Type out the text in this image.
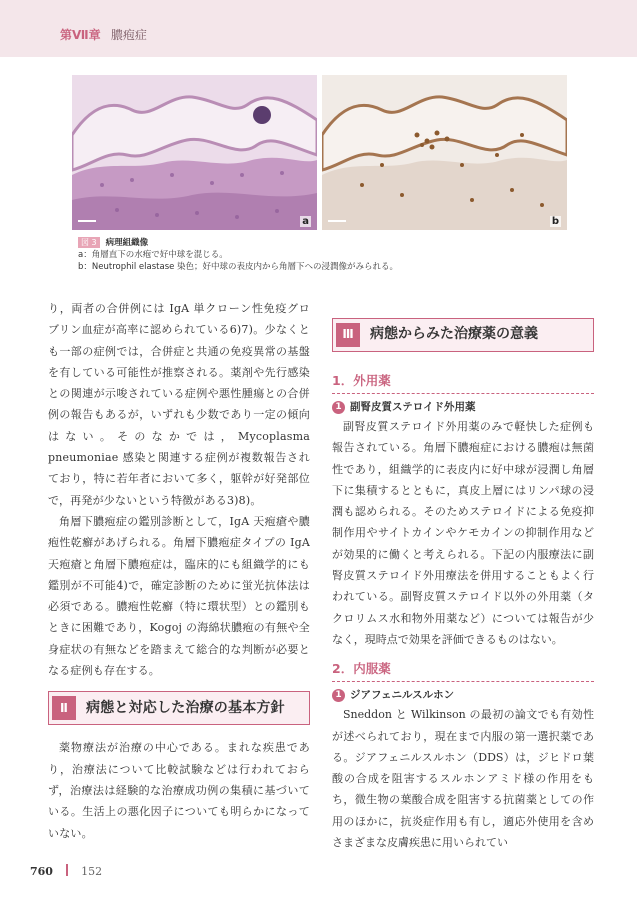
第Ⅶ章 膿疱症
a	b
図 3 病理組織像
a：角層直下の水疱で好中球を混じる。
b：Neutrophil elastase 染色；好中球の表皮内から角層下への浸潤像がみられる。

り，両者の合併例には IgA 単クローン性免疫グロブリン血症が高率に認められている6)7)。少なくとも一部の症例では，合併症と共通の免疫異常の基盤を有している可能性が推察される。薬剤や先行感染との関連が示唆されている症例や悪性腫瘍との合併例の報告もあるが，いずれも少数であり一定の傾向はない。そのなかでは，Mycoplasma pneumoniae 感染と関連する症例が複数報告されており，特に若年者において多く，躯幹が好発部位で，再発が少ないという特徴がある3)8)。

角層下膿疱症の鑑別診断として，IgA 天疱瘡や膿疱性乾癬があげられる。角層下膿疱症タイプの IgA 天疱瘡と角層下膿疱症は，臨床的にも組織学的にも鑑別が不可能4)で，確定診断のために蛍光抗体法は必須である。膿疱性乾癬（特に環状型）との鑑別もときに困難であり，Kogoj の海綿状膿疱の有無や全身症状の有無などを踏まえて総合的な判断が必要となる症例も存在する。

Ⅱ	病態と対応した治療の基本方針

薬物療法が治療の中心である。まれな疾患であり，治療法について比較試験などは行われておらず，治療法は経験的な治療成功例の集積に基づいている。生活上の悪化因子についても明らかになっていない。

Ⅲ	病態からみた治療薬の意義
1．外用薬
1 副腎皮質ステロイド外用薬

副腎皮質ステロイド外用薬のみで軽快した症例も報告されている。角層下膿疱症における膿疱は無菌性であり，組織学的に表皮内に好中球が浸潤し角層下に集積するとともに，真皮上層にはリンパ球の浸潤も認められる。そのためステロイドによる免疫抑制作用やサイトカインやケモカインの抑制作用などが効果的に働くと考えられる。下記の内服療法に副腎皮質ステロイド外用療法を併用することもよく行われている。副腎皮質ステロイド以外の外用薬（タクロリムス水和物外用薬など）については報告が少なく，現時点で効果を評価できるものはない。

2．内服薬
1 ジアフェニルスルホン

Sneddon と Wilkinson の最初の論文でも有効性が述べられており，現在まで内服の第一選択薬である。ジアフェニルスルホン（DDS）は，ジヒドロ葉酸の合成を阻害するスルホンアミド様の作用をもち，微生物の葉酸合成を阻害する抗菌薬としての作用のほかに，抗炎症作用も有し，適応外使用を含めさまざまな皮膚疾患に用いられてい

760	152
